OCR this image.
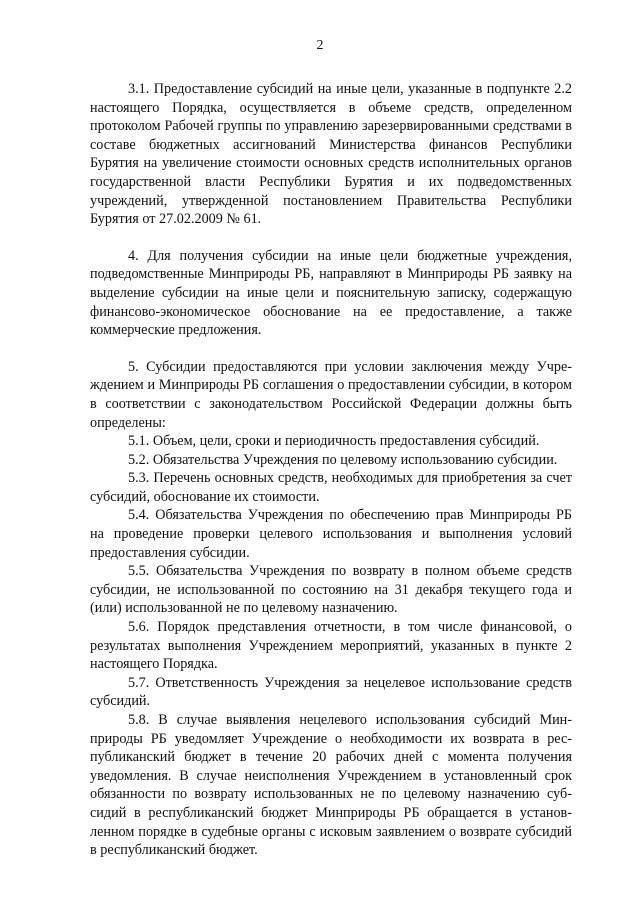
2

3.1. Предоставление субсидий на иные цели, указанные в подпункте 2.2 настоящего Порядка, осуществляется в объеме средств, определенном протоколом Рабочей группы по управлению зарезервированными средствами в составе бюджетных ассигнований Министерства финансов Республики Бурятия на увеличение стоимости основных средств исполнительных органов государственной власти Республики Бурятия и их подведомственных учреждений, утвержденной постановлением Правительства Республики Бурятия от 27.02.2009 № 61.

4. Для получения субсидии на иные цели бюджетные учреждения, подведомственные Минприроды РБ, направляют в Минприроды РБ заявку на выделение субсидии на иные цели и пояснительную записку, содержащую финансово-экономическое обоснование на ее предоставление, а также коммерческие предложения.

5. Субсидии предоставляются при условии заключения между Учреждением и Минприроды РБ соглашения о предоставлении субсидии, в котором в соответствии с законодательством Российской Федерации должны быть определены:

5.1. Объем, цели, сроки и периодичность предоставления субсидий.

5.2. Обязательства Учреждения по целевому использованию субсидии.

5.3. Перечень основных средств, необходимых для приобретения за счет субсидий, обоснование их стоимости.

5.4. Обязательства Учреждения по обеспечению прав Минприроды РБ на проведение проверки целевого использования и выполнения условий предоставления субсидии.

5.5. Обязательства Учреждения по возврату в полном объеме средств субсидии, не использованной по состоянию на 31 декабря текущего года и (или) использованной не по целевому назначению.

5.6. Порядок представления отчетности, в том числе финансовой, о результатах выполнения Учреждением мероприятий, указанных в пункте 2 настоящего Порядка.

5.7. Ответственность Учреждения за нецелевое использование средств субсидий.

5.8. В случае выявления нецелевого использования субсидий Минприроды РБ уведомляет Учреждение о необходимости их возврата в республиканский бюджет в течение 20 рабочих дней с момента получения уведомления. В случае неисполнения Учреждением в установленный срок обязанности по возврату использованных не по целевому назначению субсидий в республиканский бюджет Минприроды РБ обращается в установленном порядке в судебные органы с исковым заявлением о возврате субсидий в республиканский бюджет.
